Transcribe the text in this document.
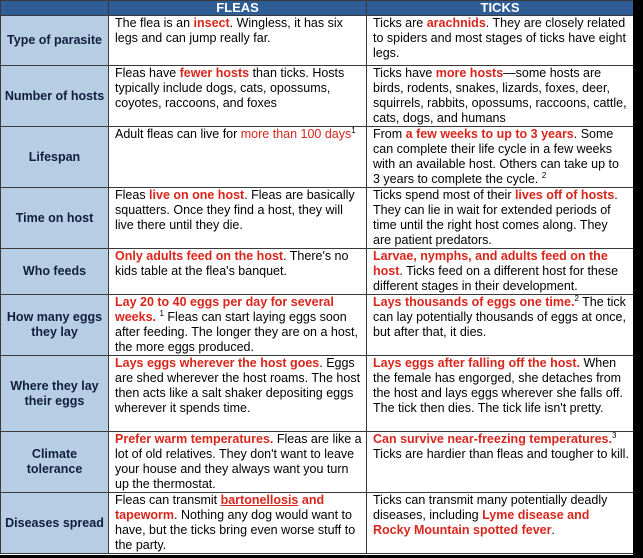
	FLEAS	TICKS
Type of parasite	The flea is an insect. Wingless, it has six legs and can jump really far.	Ticks are arachnids. They are closely related to spiders and most stages of ticks have eight legs.
Number of hosts	Fleas have fewer hosts than ticks. Hosts typically include dogs, cats, opossums, coyotes, raccoons, and foxes	Ticks have more hosts—some hosts are birds, rodents, snakes, lizards, foxes, deer, squirrels, rabbits, opossums, raccoons, cattle, cats, dogs, and humans
Lifespan	Adult fleas can live for more than 100 days$^1$	From a few weeks to up to 3 years. Some can complete their life cycle in a few weeks with an available host. Others can take up to 3 years to complete the cycle. $^2$
Time on host	Fleas live on one host. Fleas are basically squatters. Once they find a host, they will live there until they die.	Ticks spend most of their lives off of hosts. They can lie in wait for extended periods of time until the right host comes along. They are patient predators.
Who feeds	Only adults feed on the host. There's no kids table at the flea's banquet.	Larvae, nymphs, and adults feed on the host. Ticks feed on a different host for these different stages in their development.
How many eggs they lay	Lay 20 to 40 eggs per day for several weeks. $^1$ Fleas can start laying eggs soon after feeding. The longer they are on a host, the more eggs produced.	Lays thousands of eggs one time.$^2$ The tick can lay potentially thousands of eggs at once, but after that, it dies.
Where they lay their eggs	Lays eggs wherever the host goes. Eggs are shed wherever the host roams. The host then acts like a salt shaker depositing eggs wherever it spends time.	Lays eggs after falling off the host. When the female has engorged, she detaches from the host and lays eggs wherever she falls off. The tick then dies. The tick life isn't pretty.
Climate tolerance	Prefer warm temperatures. Fleas are like a lot of old relatives. They don't want to leave your house and they always want you turn up the thermostat.	Can survive near-freezing temperatures.$^3$ Ticks are hardier than fleas and tougher to kill.
Diseases spread	Fleas can transmit bartonellosis and tapeworm. Nothing any dog would want to have, but the ticks bring even worse stuff to the party.	Ticks can transmit many potentially deadly diseases, including Lyme disease and Rocky Mountain spotted fever.
